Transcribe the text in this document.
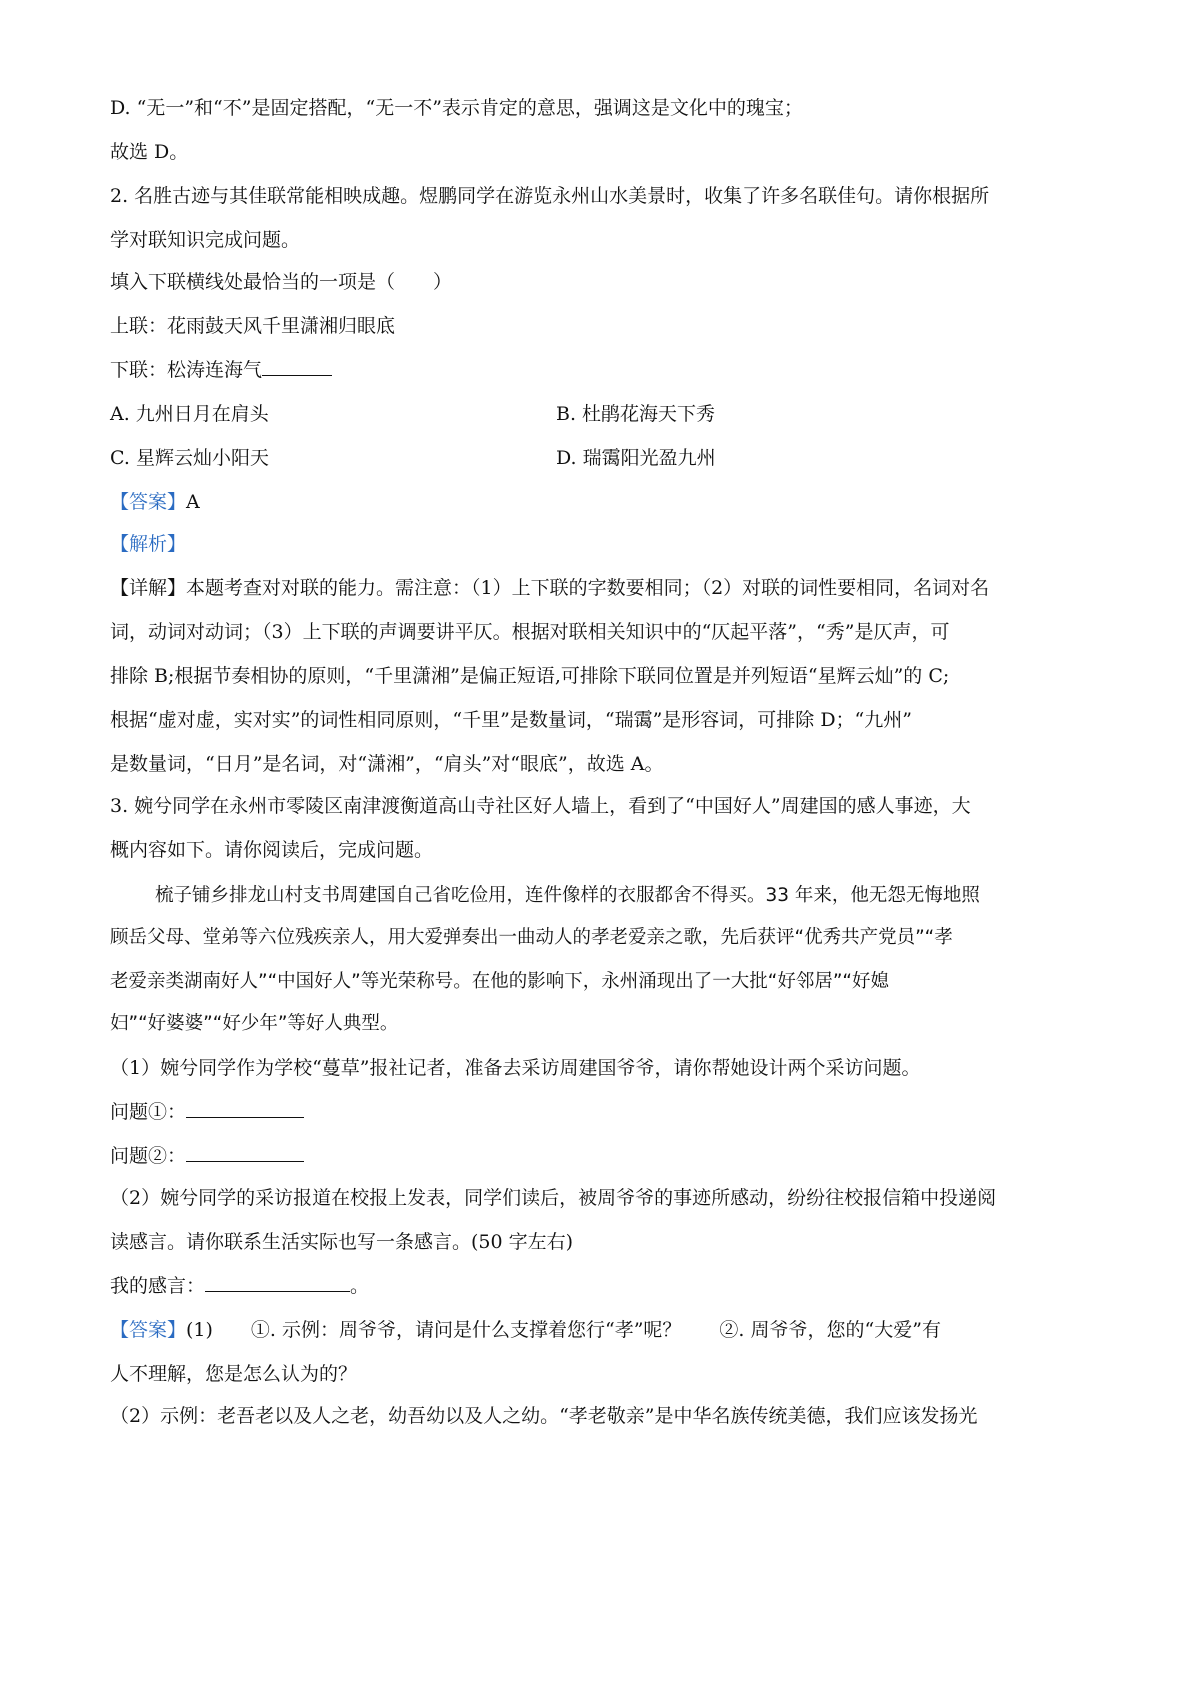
D. “无一”和“不”是固定搭配，“无一不”表示肯定的意思，强调这是文化中的瑰宝；
故选 D。
2. 名胜古迹与其佳联常能相映成趣。煜鹏同学在游览永州山水美景时，收集了许多名联佳句。请你根据所
学对联知识完成问题。
填入下联横线处最恰当的一项是（　　）
上联：花雨鼓天风千里潇湘归眼底
下联：松涛连海气
A. 九州日月在肩头	B. 杜鹃花海天下秀
C. 星辉云灿小阳天	D. 瑞霭阳光盈九州
【答案】A
【解析】
【详解】本题考查对对联的能力。需注意：（1）上下联的字数要相同；（2）对联的词性要相同，名词对名
词，动词对动词；（3）上下联的声调要讲平仄。根据对联相关知识中的“仄起平落”，“秀”是仄声，可
排除 B;根据节奏相协的原则，“千里潇湘”是偏正短语,可排除下联同位置是并列短语“星辉云灿”的 C;
根据“虚对虚，实对实”的词性相同原则，“千里”是数量词，“瑞霭”是形容词，可排除 D；“九州”
是数量词，“日月”是名词，对“潇湘”，“肩头”对“眼底”，故选 A。
3. 婉兮同学在永州市零陵区南津渡衡道高山寺社区好人墙上，看到了“中国好人”周建国的感人事迹，大
概内容如下。请你阅读后，完成问题。
梳子铺乡排龙山村支书周建国自己省吃俭用，连件像样的衣服都舍不得买。33 年来，他无怨无悔地照
顾岳父母、堂弟等六位残疾亲人，用大爱弹奏出一曲动人的孝老爱亲之歌，先后获评“优秀共产党员”“孝
老爱亲类湖南好人”“中国好人”等光荣称号。在他的影响下，永州涌现出了一大批“好邻居”“好媳
妇”“好婆婆”“好少年”等好人典型。
（1）婉兮同学作为学校“蔓草”报社记者，准备去采访周建国爷爷，请你帮她设计两个采访问题。
问题①：
问题②：
（2）婉兮同学的采访报道在校报上发表，同学们读后，被周爷爷的事迹所感动，纷纷往校报信箱中投递阅
读感言。请你联系生活实际也写一条感言。(50 字左右)
我的感言：	。
【答案】(1)　　①. 示例：周爷爷，请问是什么支撑着您行“孝”呢？　　②. 周爷爷，您的“大爱”有
人不理解，您是怎么认为的？
（2）示例：老吾老以及人之老，幼吾幼以及人之幼。“孝老敬亲”是中华名族传统美德，我们应该发扬光
